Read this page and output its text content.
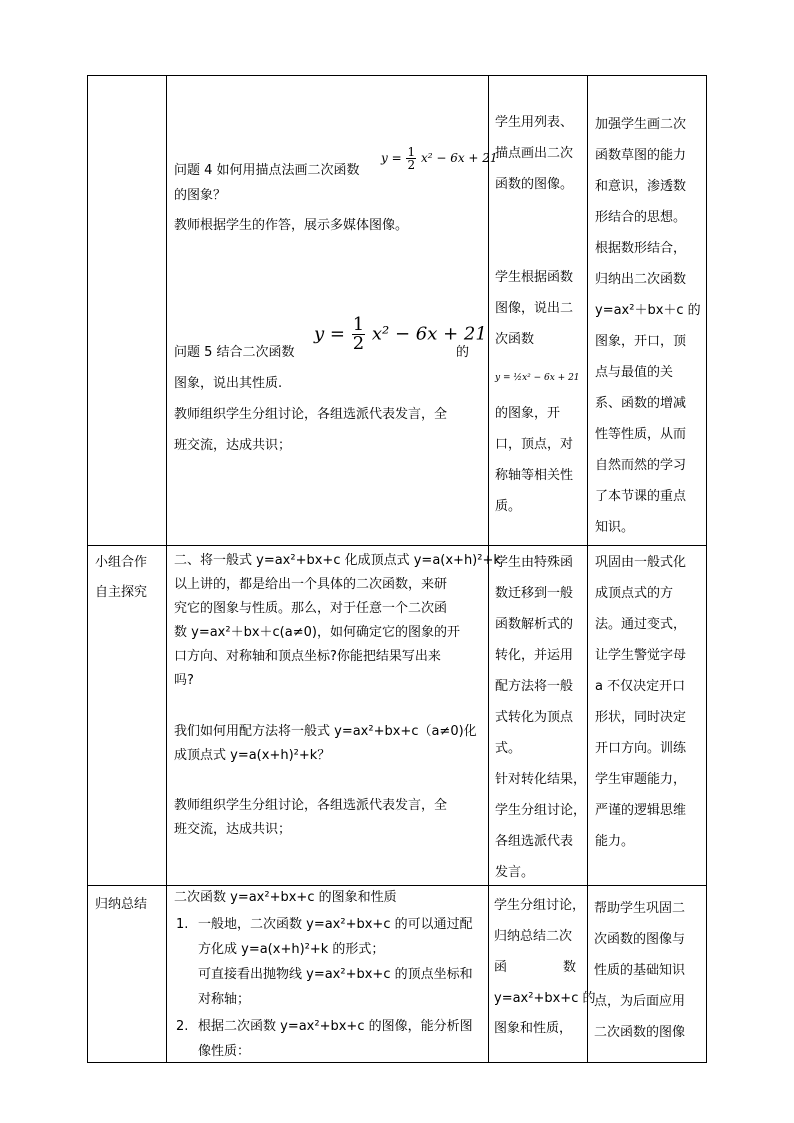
$y = \frac{1}{2} x^2 - 6x + 21$
问题 4 如何用描点法画二次函数
的图象？
教师根据学生的作答，展示多媒体图像。
$y = \frac{1}{2} x^2 - 6x + 21$
问题 5 结合二次函数	的
图象，说出其性质.
教师组织学生分组讨论，各组选派代表发言，全
班交流，达成共识；
学生用列表、
描点画出二次
函数的图像。
学生根据函数
图像，说出二
次函数
y = ½x² − 6x + 21
的图象，开
口，顶点，对
称轴等相关性
质。
加强学生画二次
函数草图的能力
和意识，渗透数
形结合的思想。
根据数形结合，
归纳出二次函数
y=ax²＋bx＋c 的
图象，开口，顶
点与最值的关
系、函数的增减
性等性质，从而
自然而然的学习
了本节课的重点
知识。
小组合作
自主探究
二、将一般式 y=ax²+bx+c 化成顶点式 y=a(x+h)²+k
以上讲的，都是给出一个具体的二次函数，来研
究它的图象与性质。那么，对于任意一个二次函
数 y=ax²＋bx＋c(a≠0)，如何确定它的图象的开
口方向、对称轴和顶点坐标?你能把结果写出来
吗?
我们如何用配方法将一般式 y=ax²+bx+c（a≠0)化
成顶点式 y=a(x+h)²+k？
教师组织学生分组讨论，各组选派代表发言，全
班交流，达成共识；
学生由特殊函
数迁移到一般
函数解析式的
转化，并运用
配方法将一般
式转化为顶点
式。
针对转化结果，
学生分组讨论，
各组选派代表
发言。
巩固由一般式化
成顶点式的方
法。通过变式，
让学生警觉字母
a 不仅决定开口
形状，同时决定
开口方向。训练
学生审题能力，
严谨的逻辑思维
能力。
归纳总结 二次函数 y=ax²+bx+c 的图象和性质
1. 一般地，二次函数 y=ax²+bx+c 的可以通过配
方化成 y=a(x+h)²+k 的形式；
可直接看出抛物线 y=ax²+bx+c 的顶点坐标和
对称轴；
2. 根据二次函数 y=ax²+bx+c 的图像，能分析图
像性质：
学生分组讨论，
归纳总结二次
函	数
y=ax²+bx+c 的
图象和性质，
帮助学生巩固二
次函数的图像与
性质的基础知识
点，为后面应用
二次函数的图像
